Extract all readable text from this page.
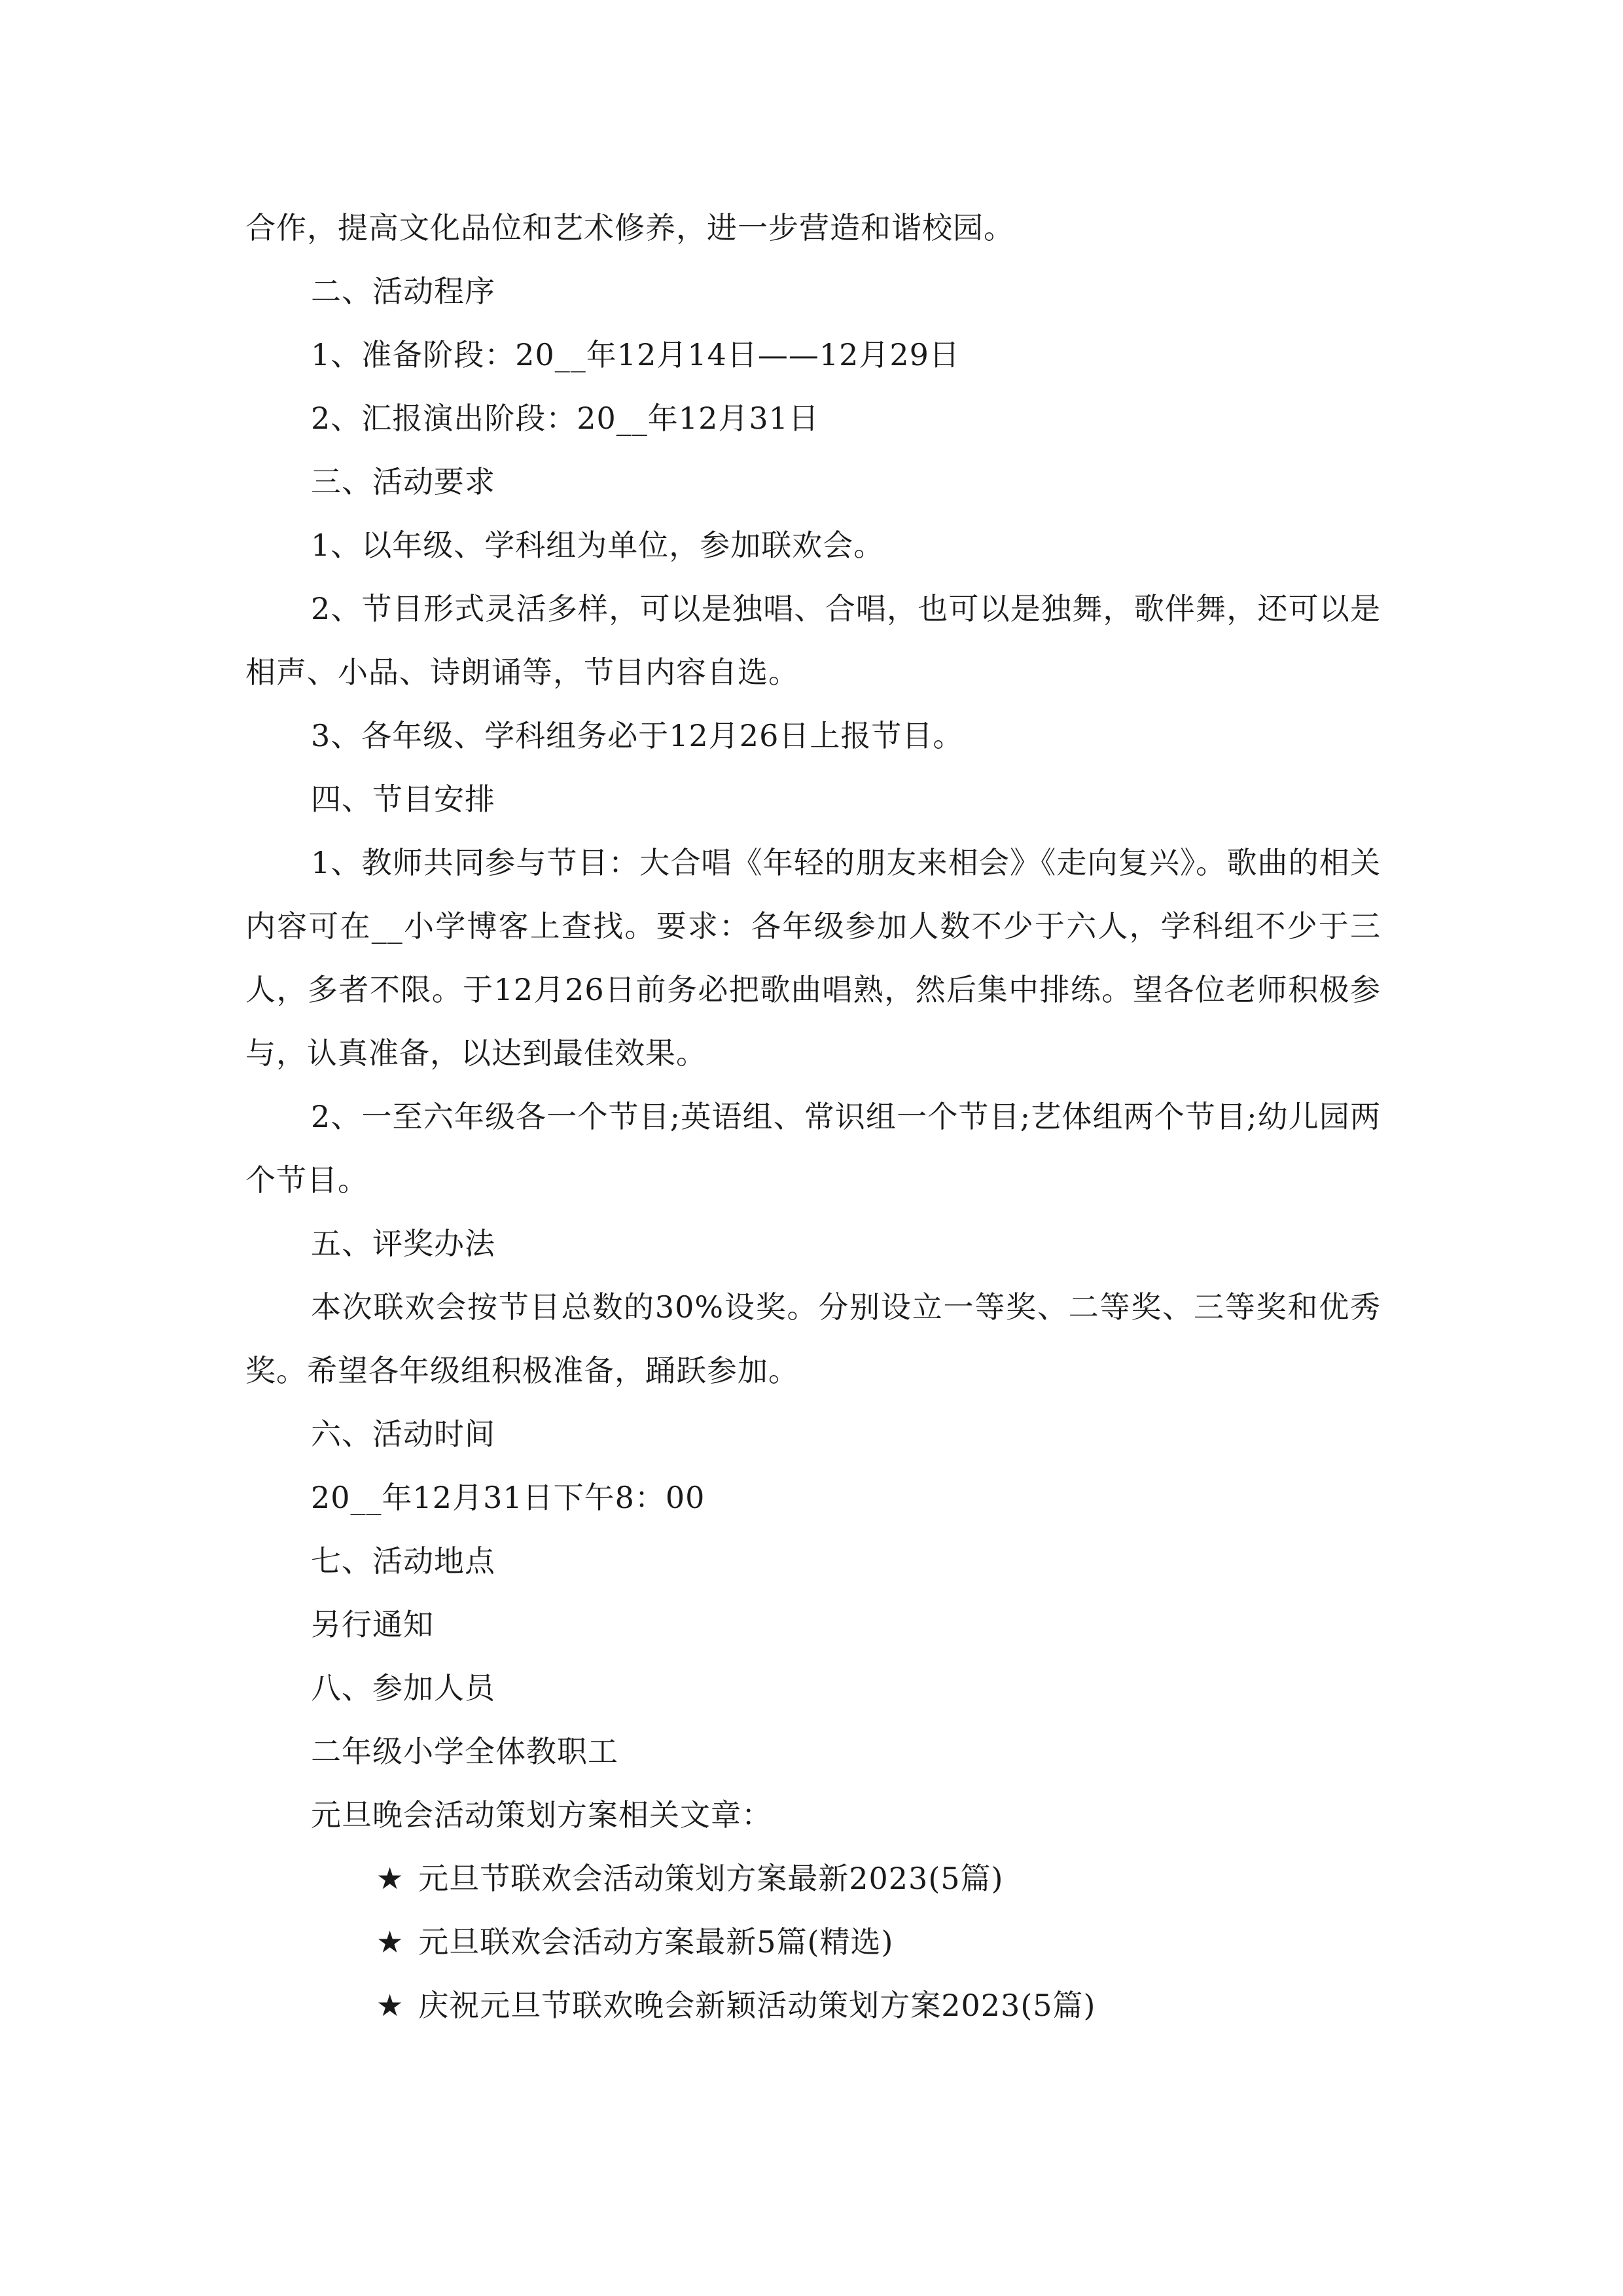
合作，提高文化品位和艺术修养，进一步营造和谐校园。

二、活动程序

1、准备阶段：20__年12月14日——12月29日

2、汇报演出阶段：20__年12月31日

三、活动要求

1、以年级、学科组为单位，参加联欢会。

2、节目形式灵活多样，可以是独唱、合唱，也可以是独舞，歌伴舞，还可以是相声、小品、诗朗诵等，节目内容自选。

3、各年级、学科组务必于12月26日上报节目。

四、节目安排

1、教师共同参与节目：大合唱《年轻的朋友来相会》《走向复兴》。歌曲的相关内容可在__小学博客上查找。要求：各年级参加人数不少于六人，学科组不少于三人，多者不限。于12月26日前务必把歌曲唱熟，然后集中排练。望各位老师积极参与，认真准备，以达到最佳效果。

2、一至六年级各一个节目;英语组、常识组一个节目;艺体组两个节目;幼儿园两个节目。

五、评奖办法

本次联欢会按节目总数的30%设奖。分别设立一等奖、二等奖、三等奖和优秀奖。希望各年级组积极准备，踊跃参加。

六、活动时间

20__年12月31日下午8：00

七、活动地点

另行通知

八、参加人员

二年级小学全体教职工

元旦晚会活动策划方案相关文章：

★ 元旦节联欢会活动策划方案最新2023(5篇)

★ 元旦联欢会活动方案最新5篇(精选)

★ 庆祝元旦节联欢晚会新颖活动策划方案2023(5篇)
